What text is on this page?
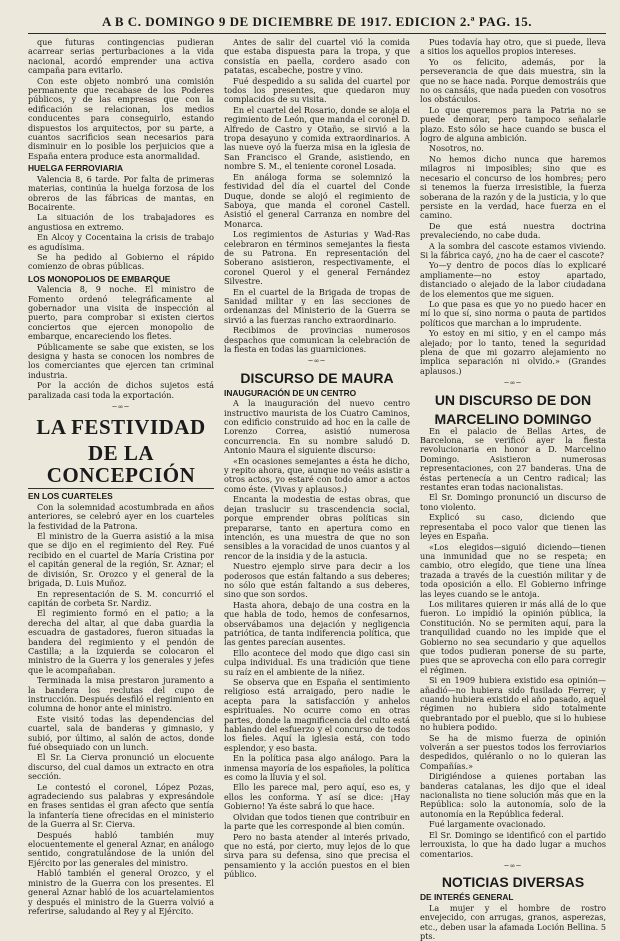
A B C. DOMINGO 9 DE DICIEMBRE DE 1917. EDICION 2.ª PAG. 15.

que futuras contingencias pudieran acarrear serias perturbaciones a la vida nacional, acordó emprender una activa campaña para evitarlo.

Con este objeto nombró una comisión permanente que recabase de los Poderes públicos, y de las empresas que con la edificación se relacionan, los medios conducentes para conseguirlo, estando dispuestos los arquitectos, por su parte, a cuantos sacrificios sean necesarios para disminuir en lo posible los perjuicios que a España entera produce esta anormalidad.

HUELGA FERROVIARIA

Valencia 8, 6 tarde. Por falta de primeras materias, continúa la huelga forzosa de los obreros de las fábricas de mantas, en Bocairente.

La situación de los trabajadores es angustiosa en extremo.

En Alcoy y Cocentaina la crisis de trabajo es agudísima.

Se ha pedido al Gobierno el rápido comienzo de obras públicas.

LOS MONOPOLIOS DE EMBARQUE

Valencia 8, 9 noche. El ministro de Fomento ordenó telegráficamente al gobernador una visita de inspección al puerto, para comprobar si existen ciertos conciertos que ejercen monopolio de embarque, encareciendo los fletes.

Públicamente se sabe que existen, se los designa y hasta se conocen los nombres de los comerciantes que ejercen tan criminal industria.

Por la acción de dichos sujetos está paralizada casi toda la exportación.

─∞─
LA FESTIVIDAD
DE LA CONCEPCIÓN
EN LOS CUARTELES

Con la solemnidad acostumbrada en años anteriores, se celebró ayer en los cuarteles la festividad de la Patrona.

El ministro de la Guerra asistió a la misa que se dijo en el regimiento del Rey. Fué recibido en el cuartel de María Cristina por el capitán general de la región, Sr. Aznar; el de división, Sr. Orozco y el general de la brigada, D. Luis Muñoz.

En representación de S. M. concurrió el capitán de corbeta Sr. Nardiz.

El regimiento formó en el patio; a la derecha del altar, al que daba guardia la escuadra de gastadores, fueron situadas la bandera del regimiento y el pendón de Castilla; a la izquierda se colocaron el ministro de la Guerra y los generales y jefes que le acompañaban.

Terminada la misa prestaron juramento a la bandera los reclutas del cupo de instrucción. Después desfiló el regimiento en columna de honor ante el ministro.

Este visitó todas las dependencias del cuartel, sala de banderas y gimnasio, y subió, por último, al salón de actos, donde fué obsequiado con un lunch.

El Sr. La Cierva pronunció un elocuente discurso, del cual damos un extracto en otra sección.

Le contestó el coronel, López Pozas, agradeciendo sus palabras y expresándole en frases sentidas el gran afecto que sentía la infantería tiene ofrecidas en el ministerio de la Guerra al Sr. Cierva.

Después habló también muy elocuentemente el general Aznar, en análogo sentido, congratulándose de la unión del Ejército por las generales del ministro.

Habló también el general Orozco, y el ministro de la Guerra con los presentes. El general Aznar habló de los acuartelamientos y después el ministro de la Guerra volvió a referirse, saludando al Rey y al Ejército.

Antes de salir del cuartel vió la comida que estaba dispuesta para la tropa, y que consistía en paella, cordero asado con patatas, escabeche, postre y vino.

Fué despedido a su salida del cuartel por todos los presentes, que quedaron muy complacidos de su visita.

En el cuartel del Rosario, donde se aloja el regimiento de León, que manda el coronel D. Alfredo de Castro y Otaño, se sirvió a la tropa desayuno y comida extraordinarios. A las nueve oyó la fuerza misa en la iglesia de San Francisco el Grande, asistiendo, en nombre S. M., el teniente coronel Losada.

En análoga forma se solemnizó la festividad del día el cuartel del Conde Duque, donde se alojó el regimiento de Saboya, que manda el coronel Castell. Asistió el general Carranza en nombre del Monarca.

Los regimientos de Asturias y Wad-Ras celebraron en términos semejantes la fiesta de su Patrona. En representación del Soberano asistieron, respectivamente, el coronel Querol y el general Fernández Silvestre.

En el cuartel de la Brigada de tropas de Sanidad militar y en las secciones de ordenanzas del Ministerio de la Guerra se sirvió a las fuerzas rancho extraordinario.

Recibimos de provincias numerosos despachos que comunican la celebración de la fiesta en todas las guarniciones.

─∞─
DISCURSO DE MAURA
INAUGURACIÓN DE UN CENTRO

A la inauguración del nuevo centro instructivo maurista de los Cuatro Caminos, con edificio construido ad hoc en la calle de Lorenzo Correa, asistió numerosa concurrencia. En su nombre saludó D. Antonio Maura el siguiente discurso:

«En ocasiones semejantes a ésta he dicho, y repito ahora, que, aunque no veáis asistir a otros actos, yo estaré con todo amor a actos como éste. (Vivas y aplausos.)

Encanta la modestia de estas obras, que dejan traslucir su trascendencia social, porque emprender obras políticas sin prepararse, tanto en apertura como en intención, es una muestra de que no son sensibles a la voracidad de unos cuantos y al rencor de la insidia y de la astucia.

Nuestro ejemplo sirve para decir a los poderosos que están faltando a sus deberes; no sólo que están faltando a sus deberes, sino que son sordos.

Hasta ahora, debajo de una costra en la que habla de todo, hemos de confesarnos, observábamos una dejación y negligencia patriótica, de tanta indiferencia política, que las gentes parecían ausentes.

Ello acontece del modo que digo casi sin culpa individual. Es una tradición que tiene su raíz en el ambiente de la niñez.

Se observa que en España el sentimiento religioso está arraigado, pero nadie le acepta para la satisfacción y anhelos espirituales. No ocurre como en otras partes, donde la magnificencia del culto está hablando del esfuerzo y el concurso de todos los fieles. Aquí la iglesia está, con todo esplendor, y eso basta.

En la política pasa algo análogo. Para la inmensa mayoría de los españoles, la política es como la lluvia y el sol.

Ello les parece mal, pero aquí, eso es, y ellos les conforma. Y así se dice: ¡Hay Gobierno! Ya éste sabrá lo que hace.

Olvidan que todos tienen que contribuir en la parte que les corresponde al bien común.

Pero no basta atender al interés privado, que no está, por cierto, muy lejos de lo que sirva para su defensa, sino que precisa el pensamiento y la acción puestos en el bien público.

Pues todavía hay otro, que si puede, lleva a sitios los aquellos propios intereses.

Yo os felicito, además, por la perseverancia de que dais muestra, sin la que no se hace nada. Porque demostráis que no os cansáis, que nada pueden con vosotros los obstáculos.

Lo que queremos para la Patria no se puede demorar, pero tampoco señalarle plazo. Esto sólo se hace cuando se busca el logro de alguna ambición.

Nosotros, no.

No hemos dicho nunca que haremos milagros ni imposibles; sino que es necesario el concurso de los hombres; pero si tenemos la fuerza irresistible, la fuerza soberana de la razón y de la justicia, y lo que persiste en la verdad, hace fuerza en el camino.

De que está nuestra doctrina prevaleciendo, no cabe duda.

A la sombra del cascote estamos viviendo. Si la fábrica cayó, ¿no ha de caer el cascote?

Yo—y dentro de pocos días lo explicaré ampliamente—no estoy apartado, distanciado o alejado de la labor ciudadana de los elementos que me siguen.

Lo que pasa es que yo no puedo hacer en mí lo que sí, sino norma o pauta de partidos políticos que marchan a lo imprudente.

Yo estoy en mi sitio, y en el campo más alejado; por lo tanto, tened la seguridad plena de que mi gozarro alejamiento no implica separación ni olvido.» (Grandes aplausos.)

─∞─
UN DISCURSO DE DON
MARCELINO DOMINGO

En el palacio de Bellas Artes, de Barcelona, se verificó ayer la fiesta revolucionaria en honor a D. Marcelino Domingo. Asistieron numerosas representaciones, con 27 banderas. Una de éstas pertenecía a un Centro radical; las restantes eran todas nacionalistas.

El Sr. Domingo pronunció un discurso de tono violento.

Explicó su caso, diciendo que representaba el poco valor que tienen las leyes en España.

«Los elegidos—siguió diciendo—tienen una inmunidad que no se respeta; en cambio, otro elegido, que tiene una línea trazada a través de la cuestión militar y de toda oposición a ello. El Gobierno infringe las leyes cuando se le antoja.

Los militares quieren ir más allá de lo que fueron. Lo impidió la opinión pública, la Constitución. No se permiten aquí, para la tranquilidad cuando no les impide que el Gobierno no sea secundario y que aquellos que todos pudieran ponerse de su parte, pues que se aprovecha con ello para corregir el régimen.

Si en 1909 hubiera existido esa opinión—añadió—no hubiera sido fusilado Ferrer, y cuando hubiera existido el año pasado, aquel régimen no hubiera sido totalmente quebrantado por el pueblo, que si lo hubiese no hubiera podido.

Se ha de mismo fuerza de opinión volverán a ser puestos todos los ferroviarios despedidos, quiéranlo o no lo quieran las Compañías.»

Dirigiéndose a quienes portaban las banderas catalanas, les dijo que el ideal nacionalista no tiene solución más que en la República: solo la autonomía, solo de la autonomía en la República federal.

Fué largamente ovacionado.

El Sr. Domingo se identificó con el partido lerrouxista, lo que ha dado lugar a muchos comentarios.

─∞─
NOTICIAS DIVERSAS
DE INTERÉS GENERAL

La mujer y el hombre de rostro envejecido, con arrugas, granos, asperezas, etc., deben usar la afamada Loción Bellina. 5 pts.
